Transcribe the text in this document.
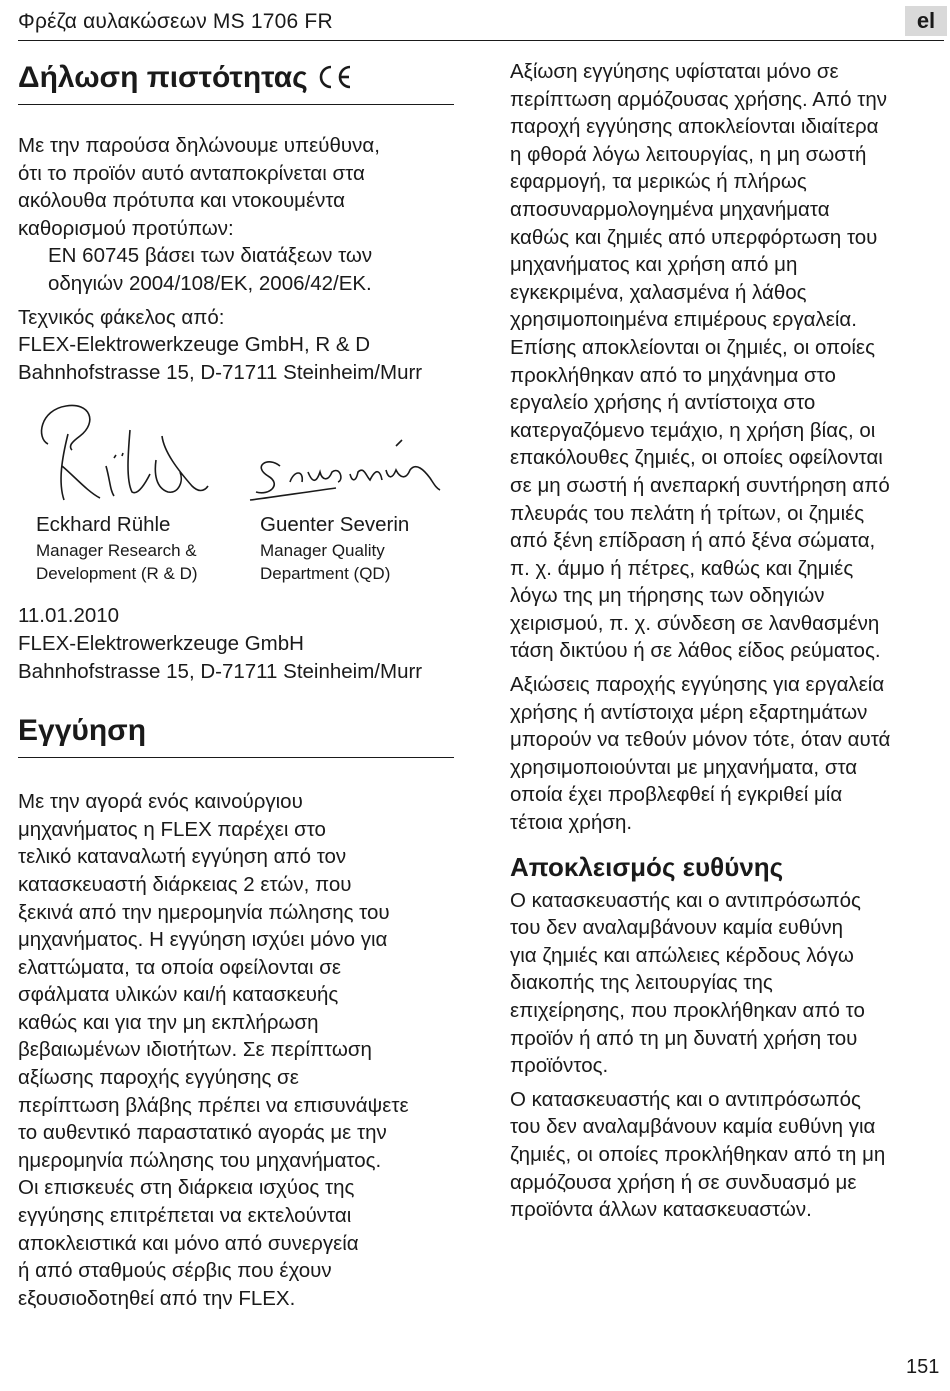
Φρέζα αυλακώσεων MS 1706 FR	el
Δήλωση πιστότητας

Με την παρούσα δηλώνουμε υπεύθυνα,
ότι το προϊόν αυτό ανταποκρίνεται στα
ακόλουθα πρότυπα και ντοκουμέντα
καθορισμού προτύπων:

EN 60745 βάσει των διατάξεων των
οδηγιών 2004/108/ΕΚ, 2006/42/ΕΚ.

Τεχνικός φάκελος από:
FLEX-Elektrowerkzeuge GmbH, R & D
Bahnhofstrasse 15, D-71711 Steinheim/Murr

Eckhard Rühle
Manager Research &
Development (R & D)
Guenter Severin
Manager Quality
Department (QD)

11.01.2010
FLEX-Elektrowerkzeuge GmbH
Bahnhofstrasse 15, D-71711 Steinheim/Murr

Εγγύηση

Με την αγορά ενός καινούργιου
μηχανήματος η FLEX παρέχει στο
τελικό καταναλωτή εγγύηση από τον
κατασκευαστή διάρκειας 2 ετών, που
ξεκινά από την ημερομηνία πώλησης του
μηχανήματος. Η εγγύηση ισχύει μόνο για
ελαττώματα, τα οποία οφείλονται σε
σφάλματα υλικών και/ή κατασκευής
καθώς και για την μη εκπλήρωση
βεβαιωμένων ιδιοτήτων. Σε περίπτωση
αξίωσης παροχής εγγύησης σε
περίπτωση βλάβης πρέπει να επισυνάψετε
το αυθεντικό παραστατικό αγοράς με την
ημερομηνία πώλησης του μηχανήματος.
Οι επισκευές στη διάρκεια ισχύος της
εγγύησης επιτρέπεται να εκτελούνται
αποκλειστικά και μόνο από συνεργεία
ή από σταθμούς σέρβις που έχουν
εξουσιοδοτηθεί από την FLEX.

Αξίωση εγγύησης υφίσταται μόνο σε
περίπτωση αρμόζουσας χρήσης. Από την
παροχή εγγύησης αποκλείονται ιδιαίτερα
η φθορά λόγω λειτουργίας, η μη σωστή
εφαρμογή, τα μερικώς ή πλήρως
αποσυναρμολογημένα μηχανήματα
καθώς και ζημιές από υπερφόρτωση του
μηχανήματος και χρήση από μη
εγκεκριμένα, χαλασμένα ή λάθος
χρησιμοποιημένα επιμέρους εργαλεία.
Επίσης αποκλείονται οι ζημιές, οι οποίες
προκλήθηκαν από το μηχάνημα στο
εργαλείο χρήσης ή αντίστοιχα στο
κατεργαζόμενο τεμάχιο, η χρήση βίας, οι
επακόλουθες ζημιές, οι οποίες οφείλονται
σε μη σωστή ή ανεπαρκή συντήρηση από
πλευράς του πελάτη ή τρίτων, οι ζημιές
από ξένη επίδραση ή από ξένα σώματα,
π. χ. άμμο ή πέτρες, καθώς και ζημιές
λόγω της μη τήρησης των οδηγιών
χειρισμού, π. χ. σύνδεση σε λανθασμένη
τάση δικτύου ή σε λάθος είδος ρεύματος.

Αξιώσεις παροχής εγγύησης για εργαλεία
χρήσης ή αντίστοιχα μέρη εξαρτημάτων
μπορούν να τεθούν μόνον τότε, όταν αυτά
χρησιμοποιούνται με μηχανήματα, στα
οποία έχει προβλεφθεί ή εγκριθεί μία
τέτοια χρήση.

Αποκλεισμός ευθύνης

Ο κατασκευαστής και ο αντιπρόσωπός
του δεν αναλαμβάνουν καμία ευθύνη
για ζημιές και απώλειες κέρδους λόγω
διακοπής της λειτουργίας της
επιχείρησης, που προκλήθηκαν από το
προϊόν ή από τη μη δυνατή χρήση του
προϊόντος.

Ο κατασκευαστής και ο αντιπρόσωπός
του δεν αναλαμβάνουν καμία ευθύνη για
ζημιές, οι οποίες προκλήθηκαν από τη μη
αρμόζουσα χρήση ή σε συνδυασμό με
προϊόντα άλλων κατασκευαστών.

151
